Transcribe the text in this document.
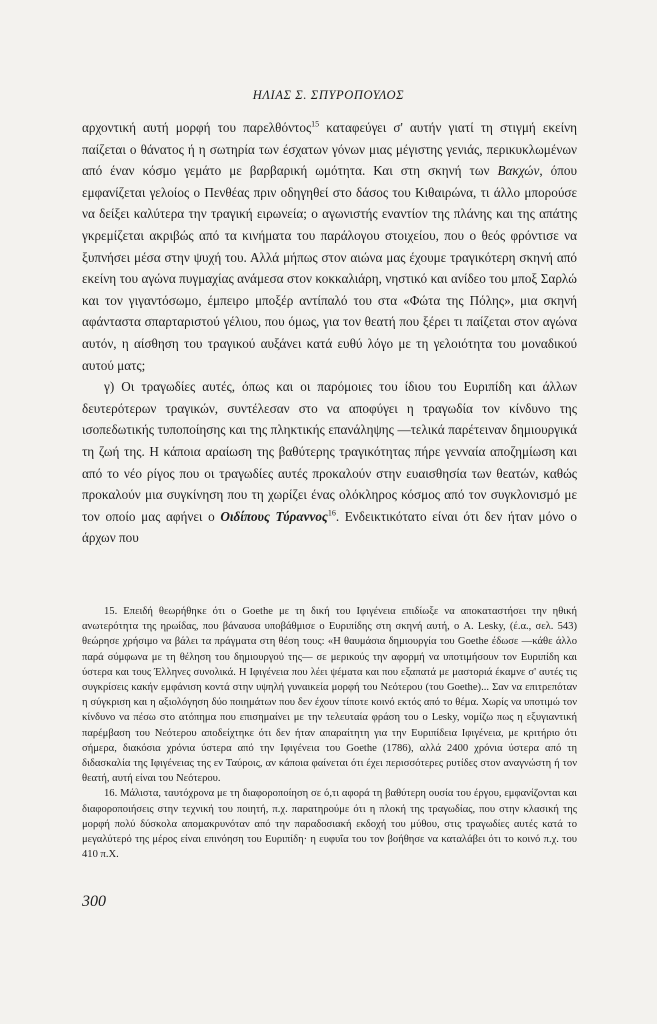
ΗΛΙΑΣ Σ. ΣΠΥΡΟΠΟΥΛΟΣ

αρχοντική αυτή μορφή του παρελθόντος$^{15}$ καταφεύγει σ' αυτήν γιατί τη στιγμή εκείνη παίζεται ο θάνατος ή η σωτηρία των έσχατων γόνων μιας μέγιστης γενιάς, περικυκλωμένων από έναν κόσμο γεμάτο με βαρβαρική ωμότητα. Και στη σκηνή των Βακχών, όπου εμφανίζεται γελοίος ο Πενθέας πριν οδηγηθεί στο δάσος του Κιθαιρώνα, τι άλλο μπορούσε να δείξει καλύτερα την τραγική ειρωνεία; ο αγωνιστής εναντίον της πλάνης και της απάτης γκρεμίζεται ακριβώς από τα κινήματα του παράλογου στοιχείου, που ο θεός φρόντισε να ξυπνήσει μέσα στην ψυχή του. Αλλά μήπως στον αιώνα μας έχουμε τραγικότερη σκηνή από εκείνη του αγώνα πυγμαχίας ανάμεσα στον κοκκαλιάρη, νηστικό και ανίδεο του μποξ Σαρλώ και τον γιγαντόσωμο, έμπειρο μποξέρ αντίπαλό του στα «Φώτα της Πόλης», μια σκηνή αφάνταστα σπαρταριστού γέλιου, που όμως, για τον θεατή που ξέρει τι παίζεται στον αγώνα αυτόν, η αίσθηση του τραγικού αυξάνει κατά ευθύ λόγο με τη γελοιότητα του μοναδικού αυτού ματς;

γ) Οι τραγωδίες αυτές, όπως και οι παρόμοιες του ίδιου του Ευριπίδη και άλλων δευτερότερων τραγικών, συντέλεσαν στο να αποφύγει η τραγωδία τον κίνδυνο της ισοπεδωτικής τυποποίησης και της πληκτικής επανάληψης —τελικά παρέτειναν δημιουργικά τη ζωή της. Η κάποια αραίωση της βαθύτερης τραγικότητας πήρε γενναία αποζημίωση και από το νέο ρίγος που οι τραγωδίες αυτές προκαλούν στην ευαισθησία των θεατών, καθώς προκαλούν μια συγκίνηση που τη χωρίζει ένας ολόκληρος κόσμος από τον συγκλονισμό με τον οποίο μας αφήνει ο Οιδίπους Τύραννος$^{16}$. Ενδεικτικότατο είναι ότι δεν ήταν μόνο ο άρχων που

15. Επειδή θεωρήθηκε ότι ο Goethe με τη δική του Ιφιγένεια επιδίωξε να αποκαταστήσει την ηθική ανωτερότητα της ηρωίδας, που βάναυσα υποβάθμισε ο Ευριπίδης στη σκηνή αυτή, ο A. Lesky, (έ.α., σελ. 543) θεώρησε χρήσιμο να βάλει τα πράγματα στη θέση τους: «Η θαυμάσια δημιουργία του Goethe έδωσε —κάθε άλλο παρά σύμφωνα με τη θέληση του δημιουργού της— σε μερικούς την αφορμή να υποτιμήσουν τον Ευριπίδη και ύστερα και τους Έλληνες συνολικά. Η Ιφιγένεια που λέει ψέματα και που εξαπατά με μαστοριά έκαμνε σ' αυτές τις συγκρίσεις κακήν εμφάνιση κοντά στην υψηλή γυναικεία μορφή του Νεότερου (του Goethe)... Σαν να επιτρεπόταν η σύγκριση και η αξιολόγηση δύο ποιημάτων που δεν έχουν τίποτε κοινό εκτός από το θέμα. Χωρίς να υποτιμώ τον κίνδυνο να πέσω στο ατόπημα που επισημαίνει με την τελευταία φράση του ο Lesky, νομίζω πως η εξυγιαντική παρέμβαση του Νεότερου αποδείχτηκε ότι δεν ήταν απαραίτητη για την Ευριπίδεια Ιφιγένεια, με κριτήριο ότι σήμερα, διακόσια χρόνια ύστερα από την Ιφιγένεια του Goethe (1786), αλλά 2400 χρόνια ύστερα από τη διδασκαλία της Ιφιγένειας της εν Ταύροις, αν κάποια φαίνεται ότι έχει περισσότερες ρυτίδες στον αναγνώστη ή τον θεατή, αυτή είναι του Νεότερου.

16. Μάλιστα, ταυτόχρονα με τη διαφοροποίηση σε ό,τι αφορά τη βαθύτερη ουσία του έργου, εμφανίζονται και διαφοροποιήσεις στην τεχνική του ποιητή, π.χ. παρατηρούμε ότι η πλοκή της τραγωδίας, που στην κλασική της μορφή πολύ δύσκολα απομακρυνόταν από την παραδοσιακή εκδοχή του μύθου, στις τραγωδίες αυτές κατά το μεγαλύτερό της μέρος είναι επινόηση του Ευριπίδη· η ευφυΐα του τον βοήθησε να καταλάβει ότι το κοινό π.χ. του 410 π.Χ.

300
